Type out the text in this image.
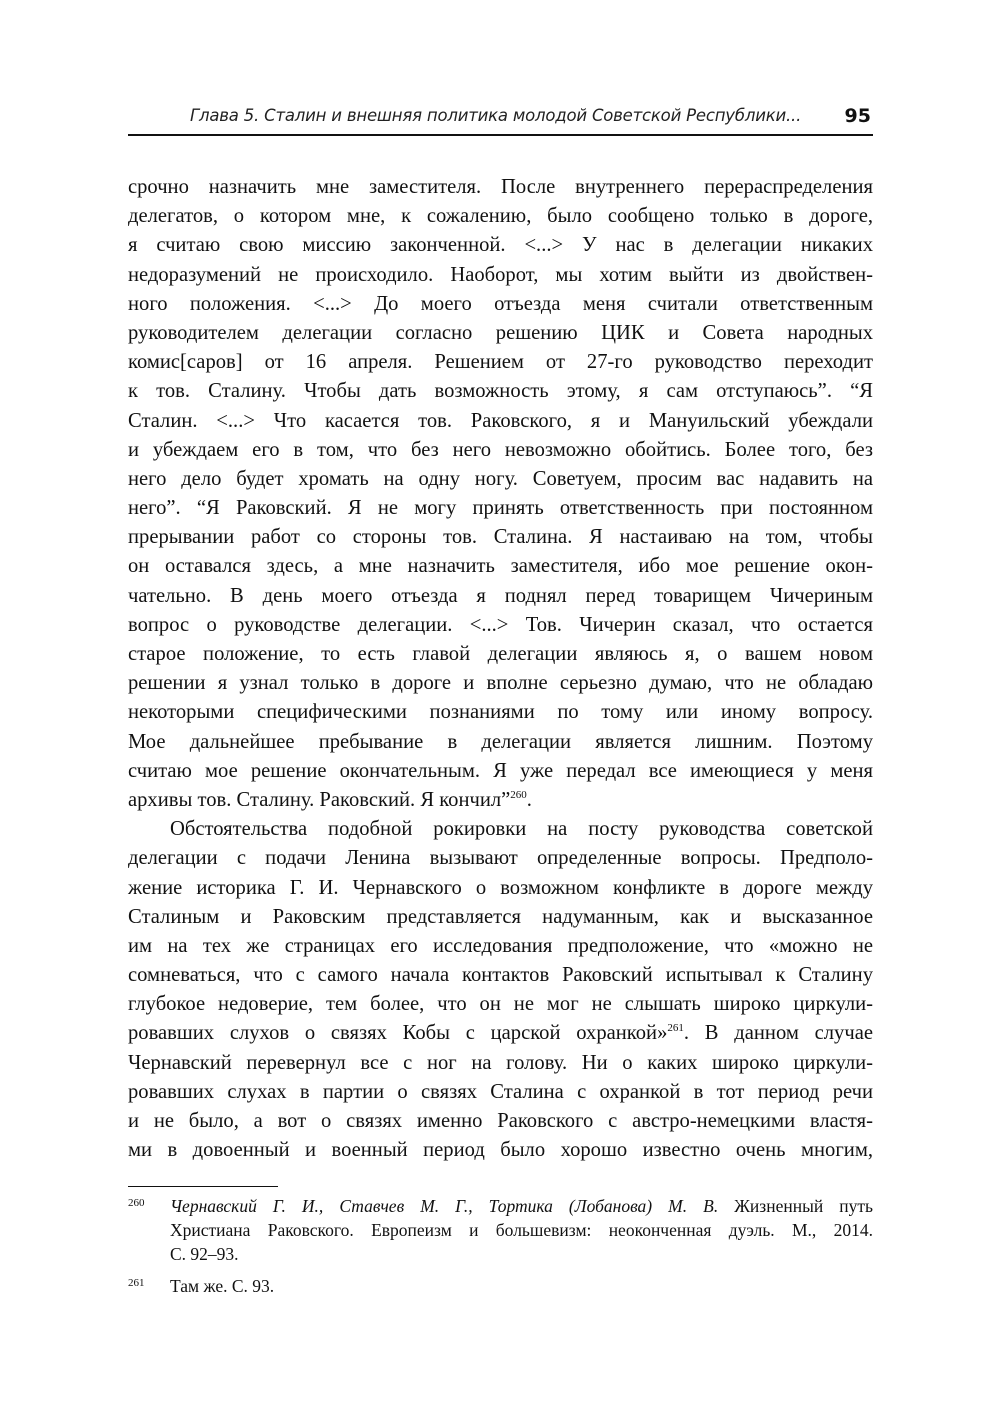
Глава 5. Сталин и внешняя политика молодой Советской Республики... 95
срочно назначить мне заместителя. После внутреннего перераспределения
делегатов, о котором мне, к сожалению, было сообщено только в дороге,
я считаю свою миссию законченной. <...> У нас в делегации никаких
недоразумений не происходило. Наоборот, мы хотим выйти из двойствен-
ного положения. <...> До моего отъезда меня считали ответственным
руководителем делегации согласно решению ЦИК и Совета народных
комис[саров] от 16 апреля. Решением от 27-го руководство переходит
к тов. Сталину. Чтобы дать возможность этому, я сам отступаюсь”. “Я
Сталин. <...> Что касается тов. Раковского, я и Мануильский убеждали
и убеждаем его в том, что без него невозможно обойтись. Более того, без
него дело будет хромать на одну ногу. Советуем, просим вас надавить на
него”. “Я Раковский. Я не могу принять ответственность при постоянном
прерывании работ со стороны тов. Сталина. Я настаиваю на том, чтобы
он оставался здесь, а мне назначить заместителя, ибо мое решение окон-
чательно. В день моего отъезда я поднял перед товарищем Чичериным
вопрос о руководстве делегации. <...> Тов. Чичерин сказал, что остается
старое положение, то есть главой делегации являюсь я, о вашем новом
решении я узнал только в дороге и вполне серьезно думаю, что не обладаю
некоторыми специфическими познаниями по тому или иному вопросу.
Мое дальнейшее пребывание в делегации является лишним. Поэтому
считаю мое решение окончательным. Я уже передал все имеющиеся у меня
архивы тов. Сталину. Раковский. Я кончил”$^{260}$.
Обстоятельства подобной рокировки на посту руководства советской
делегации с подачи Ленина вызывают определенные вопросы. Предполо-
жение историка Г. И. Чернавского о возможном конфликте в дороге между
Сталиным и Раковским представляется надуманным, как и высказанное
им на тех же страницах его исследования предположение, что «можно не
сомневаться, что с самого начала контактов Раковский испытывал к Сталину
глубокое недоверие, тем более, что он не мог не слышать широко циркули-
ровавших слухов о связях Кобы с царской охранкой»$^{261}$. В данном случае
Чернавский перевернул все с ног на голову. Ни о каких широко циркули-
ровавших слухах в партии о связях Сталина с охранкой в тот период речи
и не было, а вот о связях именно Раковского с австро-немецкими властя-
ми в довоенный и военный период было хорошо известно очень многим,
260 Чернавский Г. И., Ставчев М. Г., Тортика (Лобанова) М. В. Жизненный путь
Христиана Раковского. Европеизм и большевизм: неоконченная дуэль. М., 2014.
С. 92–93.
261 Там же. С. 93.
